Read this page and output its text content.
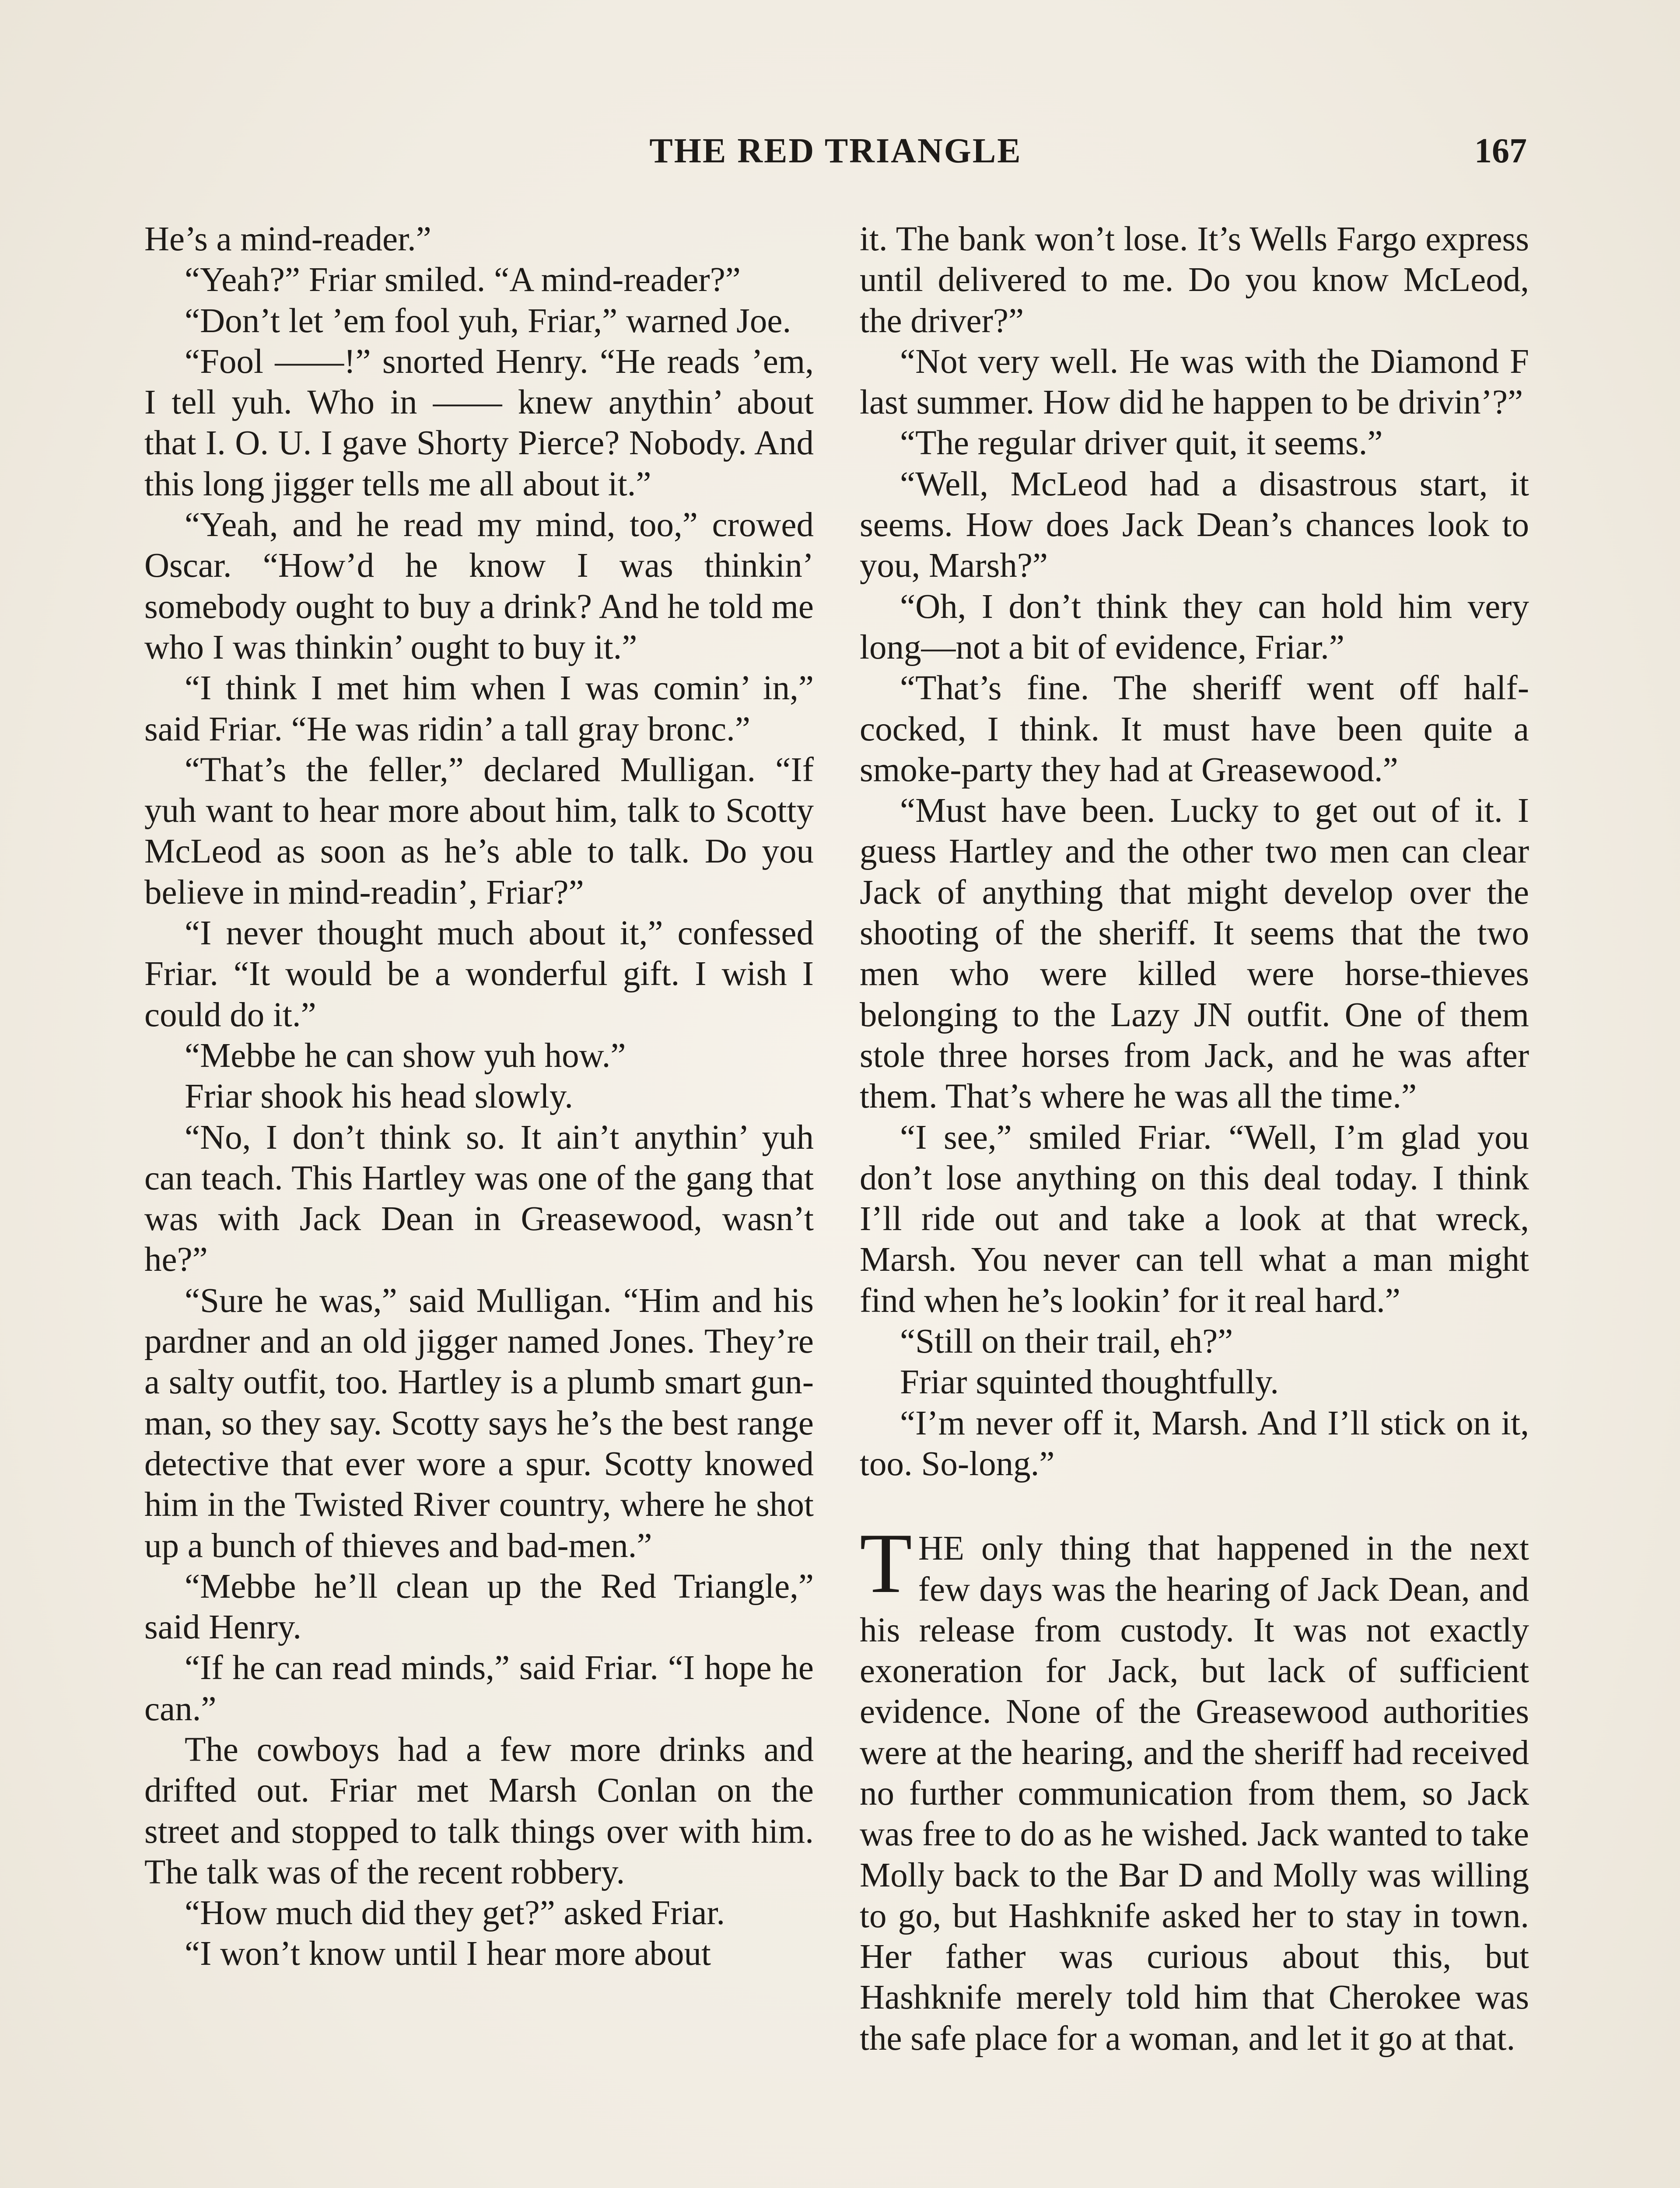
THE RED TRIANGLE	167

He’s a mind-reader.”

“Yeah?” Friar smiled. “A mind-reader?”

“Don’t let ’em fool yuh, Friar,” warned Joe.

“Fool ——!” snorted Henry. “He reads ’em, I tell yuh. Who in —— knew anythin’ about that I. O. U. I gave Shorty Pierce? Nobody. And this long jigger tells me all about it.”

“Yeah, and he read my mind, too,” crowed Oscar. “How’d he know I was thinkin’ somebody ought to buy a drink? And he told me who I was thinkin’ ought to buy it.”

“I think I met him when I was comin’ in,” said Friar. “He was ridin’ a tall gray bronc.”

“That’s the feller,” declared Mulligan. “If yuh want to hear more about him, talk to Scotty McLeod as soon as he’s able to talk. Do you believe in mind-readin’, Friar?”

“I never thought much about it,” confessed Friar. “It would be a wonderful gift. I wish I could do it.”

“Mebbe he can show yuh how.”

Friar shook his head slowly.

“No, I don’t think so. It ain’t anythin’ yuh can teach. This Hartley was one of the gang that was with Jack Dean in Greasewood, wasn’t he?”

“Sure he was,” said Mulligan. “Him and his pardner and an old jigger named Jones. They’re a salty outfit, too. Hartley is a plumb smart gun-man, so they say. Scotty says he’s the best range detective that ever wore a spur. Scotty knowed him in the Twisted River country, where he shot up a bunch of thieves and bad-men.”

“Mebbe he’ll clean up the Red Triangle,” said Henry.

“If he can read minds,” said Friar. “I hope he can.”

The cowboys had a few more drinks and drifted out. Friar met Marsh Conlan on the street and stopped to talk things over with him. The talk was of the recent robbery.

“How much did they get?” asked Friar.

“I won’t know until I hear more about

it. The bank won’t lose. It’s Wells Fargo express until delivered to me. Do you know McLeod, the driver?”

“Not very well. He was with the Diamond F last summer. How did he happen to be drivin’?”

“The regular driver quit, it seems.”

“Well, McLeod had a disastrous start, it seems. How does Jack Dean’s chances look to you, Marsh?”

“Oh, I don’t think they can hold him very long—not a bit of evidence, Friar.”

“That’s fine. The sheriff went off half-cocked, I think. It must have been quite a smoke-party they had at Greasewood.”

“Must have been. Lucky to get out of it. I guess Hartley and the other two men can clear Jack of anything that might develop over the shooting of the sheriff. It seems that the two men who were killed were horse-thieves belonging to the Lazy JN outfit. One of them stole three horses from Jack, and he was after them. That’s where he was all the time.”

“I see,” smiled Friar. “Well, I’m glad you don’t lose anything on this deal today. I think I’ll ride out and take a look at that wreck, Marsh. You never can tell what a man might find when he’s lookin’ for it real hard.”

“Still on their trail, eh?”

Friar squinted thoughtfully.

“I’m never off it, Marsh. And I’ll stick on it, too. So-long.”

THE only thing that happened in the next few days was the hearing of Jack Dean, and his release from custody. It was not exactly exoneration for Jack, but lack of sufficient evidence. None of the Greasewood authorities were at the hearing, and the sheriff had received no further communication from them, so Jack was free to do as he wished. Jack wanted to take Molly back to the Bar D and Molly was willing to go, but Hashknife asked her to stay in town. Her father was curious about this, but Hashknife merely told him that Cherokee was the safe place for a woman, and let it go at that.
